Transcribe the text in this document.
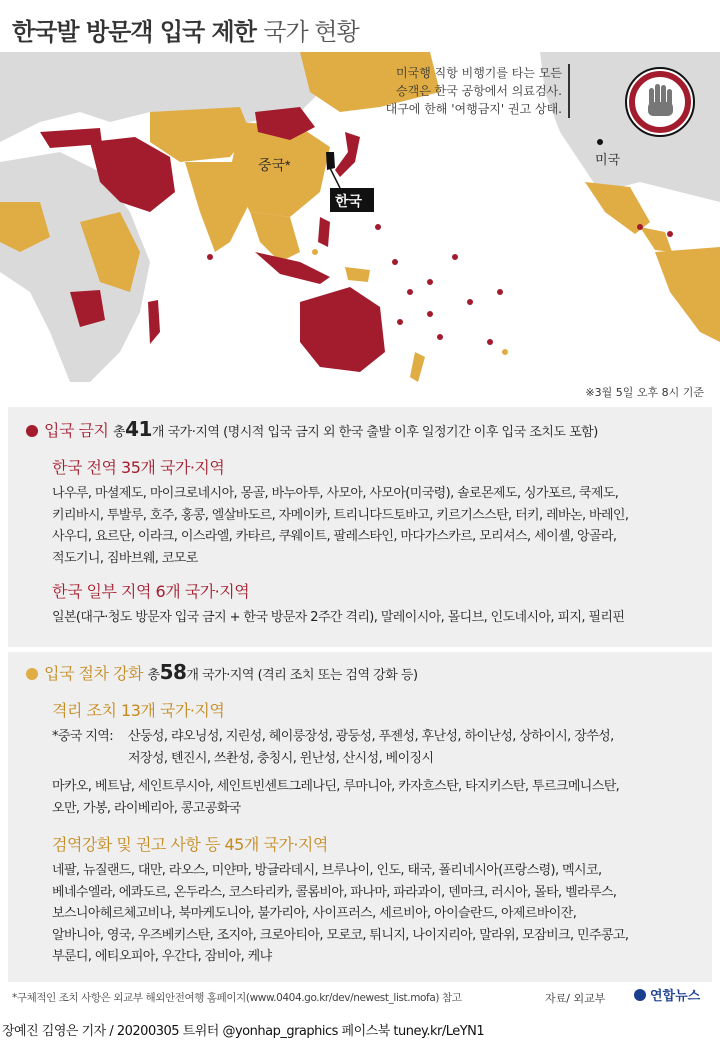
한국발 방문객 입국 제한 국가 현황
중국*
한국
미국
미국행 직항 비행기를 타는 모든
승객은 한국 공항에서 의료검사.
대구에 한해 '여행금지' 권고 상태.
※3월 5일 오후 8시 기준
입국 금지 총41개 국가·지역 (명시적 입국 금지 외 한국 출발 이후 일정기간 이후 입국 조치도 포함)
한국 전역 35개 국가·지역
나우루, 마셜제도, 마이크로네시아, 몽골, 바누아투, 사모아, 사모아(미국령), 솔로몬제도, 싱가포르, 쿡제도,
키리바시, 투발루, 호주, 홍콩, 엘살바도르, 자메이카, 트리니다드토바고, 키르기스스탄, 터키, 레바논, 바레인,
사우디, 요르단, 이라크, 이스라엘, 카타르, 쿠웨이트, 팔레스타인, 마다가스카르, 모리셔스, 세이셸, 앙골라,
적도기니, 짐바브웨, 코모로
한국 일부 지역 6개 국가·지역
일본(대구·청도 방문자 입국 금지 + 한국 방문자 2주간 격리), 말레이시아, 몰디브, 인도네시아, 피지, 필리핀
입국 절차 강화 총58개 국가·지역 (격리 조치 또는 검역 강화 등)
격리 조치 13개 국가·지역
*중국 지역:	산둥성, 랴오닝성, 지린성, 헤이룽장성, 광둥성, 푸젠성, 후난성, 하이난성, 상하이시, 장쑤성,
저장성, 톈진시, 쓰촨성, 충칭시, 윈난성, 산시성, 베이징시
마카오, 베트남, 세인트루시아, 세인트빈센트그레나딘, 루마니아, 카자흐스탄, 타지키스탄, 투르크메니스탄,
오만, 가봉, 라이베리아, 콩고공화국
검역강화 및 권고 사항 등 45개 국가·지역
네팔, 뉴질랜드, 대만, 라오스, 미얀마, 방글라데시, 브루나이, 인도, 태국, 폴리네시아(프랑스령), 멕시코,
베네수엘라, 에콰도르, 온두라스, 코스타리카, 콜롬비아, 파나마, 파라과이, 덴마크, 러시아, 몰타, 벨라루스,
보스니아헤르체고비나, 북마케도니아, 불가리아, 사이프러스, 세르비아, 아이슬란드, 아제르바이잔,
알바니아, 영국, 우즈베키스탄, 조지아, 크로아티아, 모로코, 튀니지, 나이지리아, 말라위, 모잠비크, 민주콩고,
부룬디, 에티오피아, 우간다, 잠비아, 케냐
*구체적인 조치 사항은 외교부 해외안전여행 홈페이지(www.0404.go.kr/dev/newest_list.mofa) 참고	자료/ 외교부	연합뉴스
장예진 김영은 기자 / 20200305 트위터 @yonhap_graphics 페이스북 tuney.kr/LeYN1
